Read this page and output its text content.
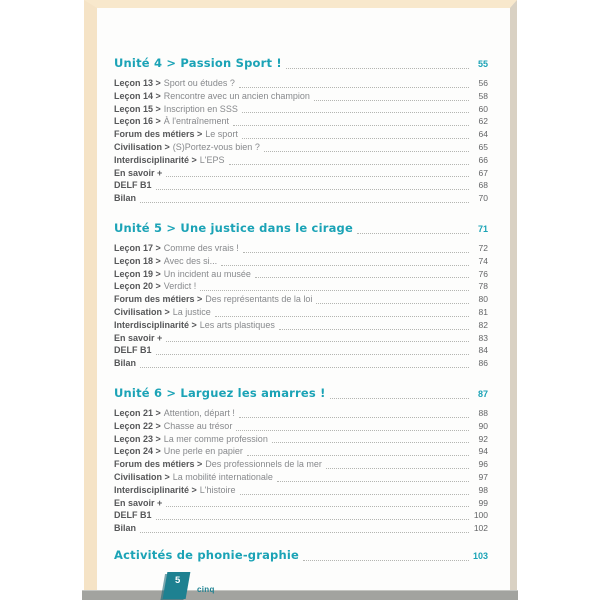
Unité 4 > Passion Sport !	55
Leçon 13 > Sport ou études ?	56
Leçon 14 > Rencontre avec un ancien champion	58
Leçon 15 > Inscription en SSS	60
Leçon 16 > À l'entraînement	62
Forum des métiers > Le sport	64
Civilisation > (S)Portez-vous bien ?	65
Interdisciplinarité > L'EPS	66
En savoir +	67
DELF B1	68
Bilan	70
Unité 5 > Une justice dans le cirage	71
Leçon 17 > Comme des vrais !	72
Leçon 18 > Avec des si...	74
Leçon 19 > Un incident au musée	76
Leçon 20 > Verdict !	78
Forum des métiers > Des représentants de la loi	80
Civilisation > La justice	81
Interdisciplinarité > Les arts plastiques	82
En savoir +	83
DELF B1	84
Bilan	86
Unité 6 > Larguez les amarres !	87
Leçon 21 > Attention, départ !	88
Leçon 22 > Chasse au trésor	90
Leçon 23 > La mer comme profession	92
Leçon 24 > Une perle en papier	94
Forum des métiers > Des professionnels de la mer	96
Civilisation > La mobilité internationale	97
Interdisciplinarité > L'histoire	98
En savoir +	99
DELF B1	100
Bilan	102
Activités de phonie-graphie	103
5
cinq
